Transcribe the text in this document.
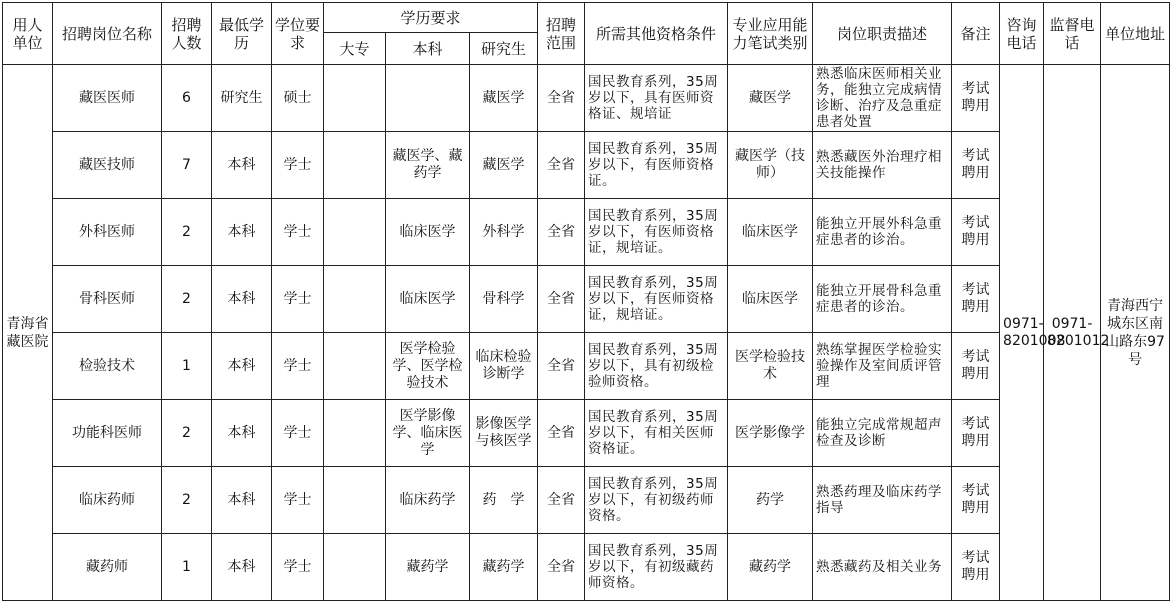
用人单位	招聘岗位名称	招聘人数	最低学历	学位要求	学历要求			招聘范围	所需其他资格条件	专业应用能力笔试类别	岗位职责描述	备注	咨询电话	监督电话	单位地址
					大专	本科	研究生								
青海省藏医院	藏医医师	6	研究生	硕士			藏医学	全省	国民教育系列，35周岁以下，具有医师资格证、规培证	藏医学	熟悉临床医师相关业务，能独立完成病情诊断、治疗及急重症患者处置	考试聘用	0971-8201008	0971-8201012	青海西宁城东区南山路东97号
	藏医技师	7	本科	学士		藏医学、藏药学	藏医学	全省	国民教育系列，35周岁以下，有医师资格证。	藏医学（技师）	熟悉藏医外治理疗相关技能操作	考试聘用			
	外科医师	2	本科	学士		临床医学	外科学	全省	国民教育系列，35周岁以下，有医师资格证，规培证。	临床医学	能独立开展外科急重症患者的诊治。	考试聘用			
	骨科医师	2	本科	学士		临床医学	骨科学	全省	国民教育系列，35周岁以下，有医师资格证，规培证。	临床医学	能独立开展骨科急重症患者的诊治。	考试聘用			
	检验技术	1	本科	学士		医学检验学、医学检验技术	临床检验诊断学	全省	国民教育系列，35周岁以下，具有初级检验师资格。	医学检验技术	熟练掌握医学检验实验操作及室间质评管理	考试聘用			
	功能科医师	2	本科	学士		医学影像学、临床医学	影像医学与核医学	全省	国民教育系列，35周岁以下，有相关医师资格证。	医学影像学	能独立完成常规超声检查及诊断	考试聘用			
	临床药师	2	本科	学士		临床药学	药　学	全省	国民教育系列，35周岁以下，有初级药师资格。	药学	熟悉药理及临床药学指导	考试聘用			
	藏药师	1	本科	学士		藏药学	藏药学	全省	国民教育系列，35周岁以下，有初级藏药师资格。	藏药学	熟悉藏药及相关业务	考试聘用			
